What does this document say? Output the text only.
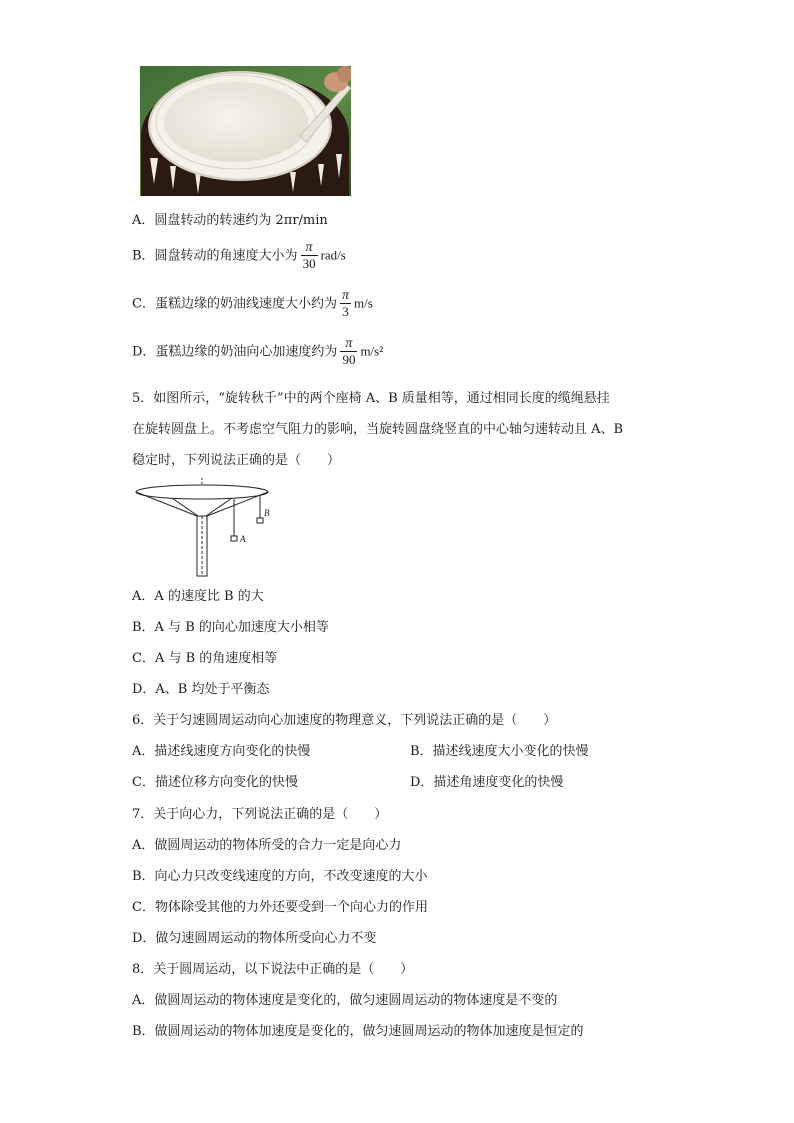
A．圆盘转动的转速约为 2πr/min
B．圆盘转动的角速度大小为 $\frac{\pi}{30} rad/s$
C．蛋糕边缘的奶油线速度大小约为 $\frac{\pi}{3} m/s$
D．蛋糕边缘的奶油向心加速度约为 $\frac{\pi}{90} m/s^2$
5．如图所示，“旋转秋千”中的两个座椅 A、B 质量相等，通过相同长度的缆绳悬挂
在旋转圆盘上。不考虑空气阻力的影响，当旋转圆盘绕竖直的中心轴匀速转动且 A、B
稳定时，下列说法正确的是（　　）
A
B
A．A 的速度比 B 的大
B．A 与 B 的向心加速度大小相等
C．A 与 B 的角速度相等
D．A、B 均处于平衡态
6．关于匀速圆周运动向心加速度的物理意义，下列说法正确的是（　　）
A．描述线速度方向变化的快慢	B．描述线速度大小变化的快慢
C．描述位移方向变化的快慢	D．描述角速度变化的快慢
7．关于向心力，下列说法正确的是（　　）
A．做圆周运动的物体所受的合力一定是向心力
B．向心力只改变线速度的方向，不改变速度的大小
C．物体除受其他的力外还要受到一个向心力的作用
D．做匀速圆周运动的物体所受向心力不变
8．关于圆周运动，以下说法中正确的是（　　）
A．做圆周运动的物体速度是变化的，做匀速圆周运动的物体速度是不变的
B．做圆周运动的物体加速度是变化的，做匀速圆周运动的物体加速度是恒定的
